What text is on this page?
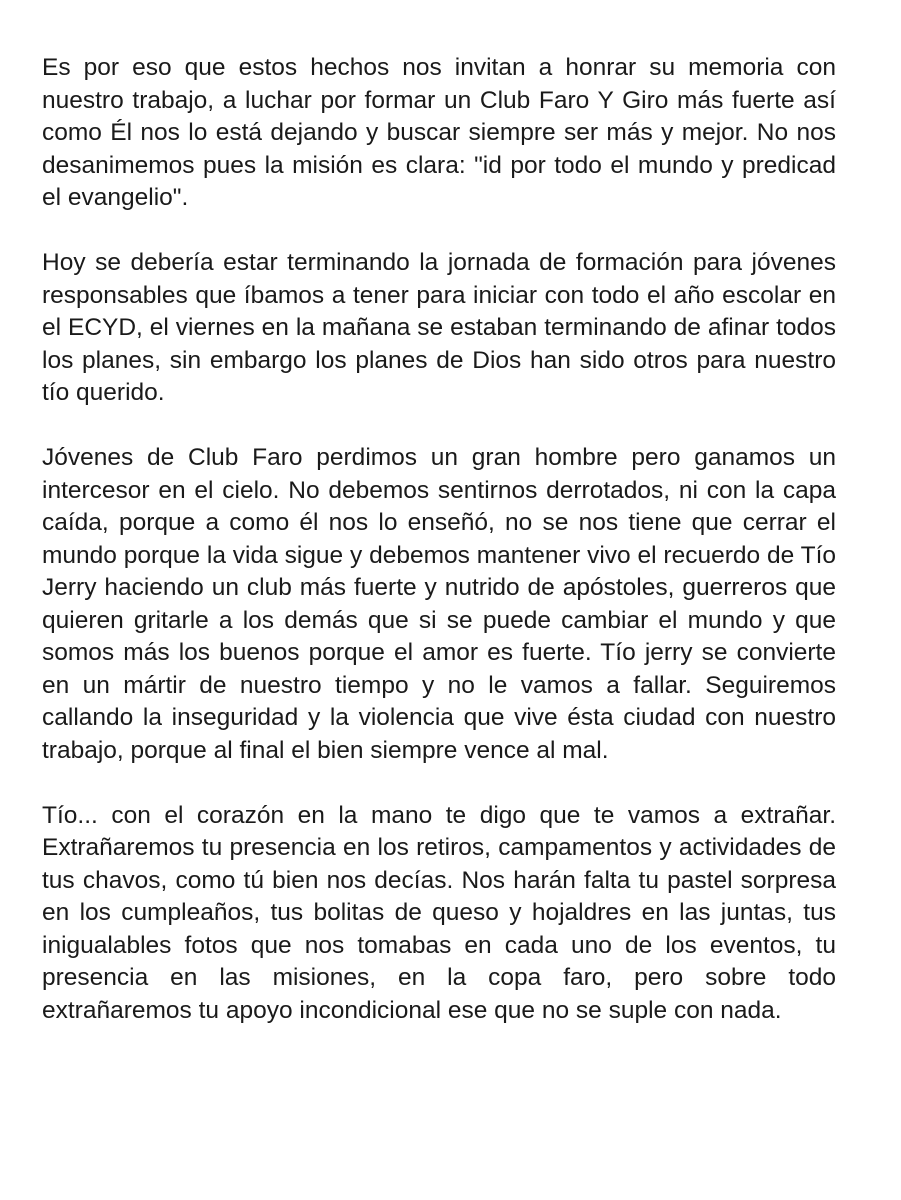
Es por eso que estos hechos nos invitan a honrar su memoria con nuestro trabajo, a luchar por formar un Club Faro Y Giro más fuerte así como Él nos lo está dejando y buscar siempre ser más y mejor. No nos desanimemos pues la misión es clara: "id por todo el mundo y predicad el evangelio".

Hoy se debería estar terminando la jornada de formación para jóvenes responsables que íbamos a tener para iniciar con todo el año escolar en el ECYD, el viernes en la mañana se estaban terminando de afinar todos los planes, sin embargo los planes de Dios han sido otros para nuestro tío querido.

Jóvenes de Club Faro perdimos un gran hombre pero ganamos un intercesor en el cielo. No debemos sentirnos derrotados, ni con la capa caída, porque a como él nos lo enseñó, no se nos tiene que cerrar el mundo porque la vida sigue y debemos mantener vivo el recuerdo de Tío Jerry haciendo un club más fuerte y nutrido de apóstoles, guerreros que quieren gritarle a los demás que si se puede cambiar el mundo y que somos más los buenos porque el amor es fuerte. Tío jerry se convierte en un mártir de nuestro tiempo y no le vamos a fallar. Seguiremos callando la inseguridad y la violencia que vive ésta ciudad con nuestro trabajo, porque al final el bien siempre vence al mal.

Tío... con el corazón en la mano te digo que te vamos a extrañar. Extrañaremos tu presencia en los retiros, campamentos y actividades de tus chavos, como tú bien nos decías. Nos harán falta tu pastel sorpresa en los cumpleaños, tus bolitas de queso y hojaldres en las juntas, tus inigualables fotos que nos tomabas en cada uno de los eventos, tu presencia en las misiones, en la copa faro, pero sobre todo extrañaremos tu apoyo incondicional ese que no se suple con nada.
